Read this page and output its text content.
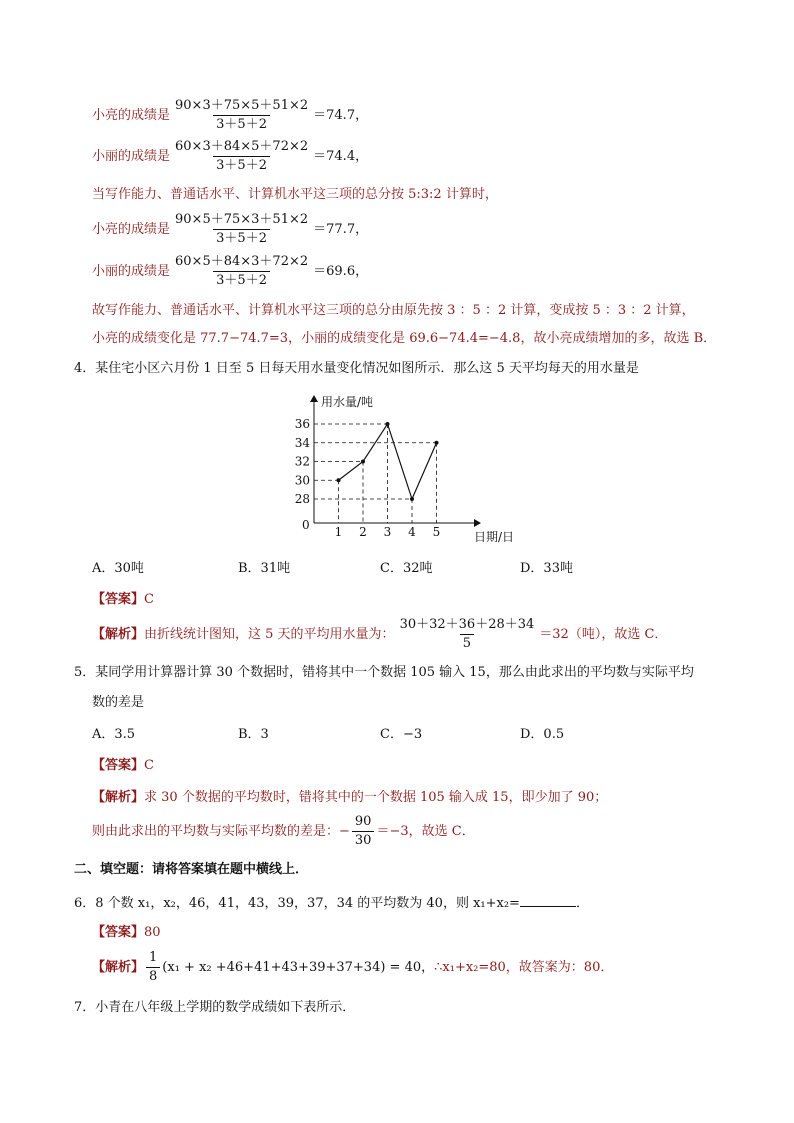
小亮的成绩是 $\frac{90\times 3+75\times 5+51\times 2}{3+5+2} =74.7$，
小丽的成绩是 $\frac{60\times 3+84\times 5+72\times 2}{3+5+2} =74.4$，
当写作能力、普通话水平、计算机水平这三项的总分按 5:3:2 计算时，
小亮的成绩是 $\frac{90\times 5+75\times 3+51\times 2}{3+5+2} =77.7$，
小丽的成绩是 $\frac{60\times 5+84\times 3+72\times 2}{3+5+2} =69.6$，
故写作能力、普通话水平、计算机水平这三项的总分由原先按 3 ：5 ：2 计算，变成按 5 ：3 ：2 计算，
小亮的成绩变化是 77.7−74.7=3，小丽的成绩变化是 69.6−74.4=−4.8，故小亮成绩增加的多，故选 B．
4．某住宅小区六月份 1 日至 5 日每天用水量变化情况如图所示．那么这 5 天平均每天的用水量是
用水量/吨
日期/日
0
36
34
32
30
28
1 2 3 4 5
A．30吨	B．31吨	C．32吨	D．33吨
【答案】C
【解析】由折线统计图知，这 5 天的平均用水量为： $\frac{30+32+36+28+34}{5} =32$（吨），故选 C．
5．某同学用计算器计算 30 个数据时，错将其中一个数据 105 输入 15，那么由此求出的平均数与实际平均
数的差是
A．3.5	B．3	C．−3	D．0.5
【答案】C
【解析】求 30 个数据的平均数时，错将其中的一个数据 105 输入成 15，即少加了 90；
则由此求出的平均数与实际平均数的差是：− $\frac{90}{30} =-3$，故选 C．
二、填空题：请将答案填在题中横线上．
6．8 个数 x₁，x₂，46，41，43，39，37，34 的平均数为 40，则 x₁+x₂=	．
【答案】80
【解析】 $\frac{1}{8} (x_1 + x_2 +46+41+43+39+37+34) = 40$，∴x₁+x₂=80，故答案为：80．
7．小青在八年级上学期的数学成绩如下表所示．
